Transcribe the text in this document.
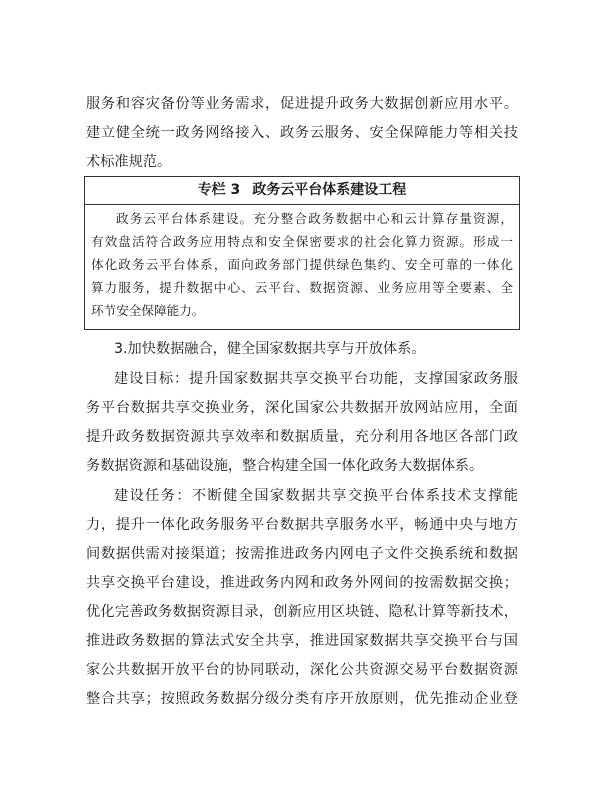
服务和容灾备份等业务需求，促进提升政务大数据创新应用水平。
建立健全统一政务网络接入、政务云服务、安全保障能力等相关技
术标准规范。
专栏 3 政务云平台体系建设工程
政务云平台体系建设。充分整合政务数据中心和云计算存量资源，
有效盘活符合政务应用特点和安全保密要求的社会化算力资源。形成一
体化政务云平台体系，面向政务部门提供绿色集约、安全可靠的一体化
算力服务，提升数据中心、云平台、数据资源、业务应用等全要素、全
环节安全保障能力。
3.加快数据融合，健全国家数据共享与开放体系。
建设目标：提升国家数据共享交换平台功能，支撑国家政务服
务平台数据共享交换业务，深化国家公共数据开放网站应用，全面
提升政务数据资源共享效率和数据质量，充分利用各地区各部门政
务数据资源和基础设施，整合构建全国一体化政务大数据体系。
建设任务：不断健全国家数据共享交换平台体系技术支撑能
力，提升一体化政务服务平台数据共享服务水平，畅通中央与地方
间数据供需对接渠道；按需推进政务内网电子文件交换系统和数据
共享交换平台建设，推进政务内网和政务外网间的按需数据交换；
优化完善政务数据资源目录，创新应用区块链、隐私计算等新技术，
推进政务数据的算法式安全共享，推进国家数据共享交换平台与国
家公共数据开放平台的协同联动，深化公共资源交易平台数据资源
整合共享；按照政务数据分级分类有序开放原则，优先推动企业登
